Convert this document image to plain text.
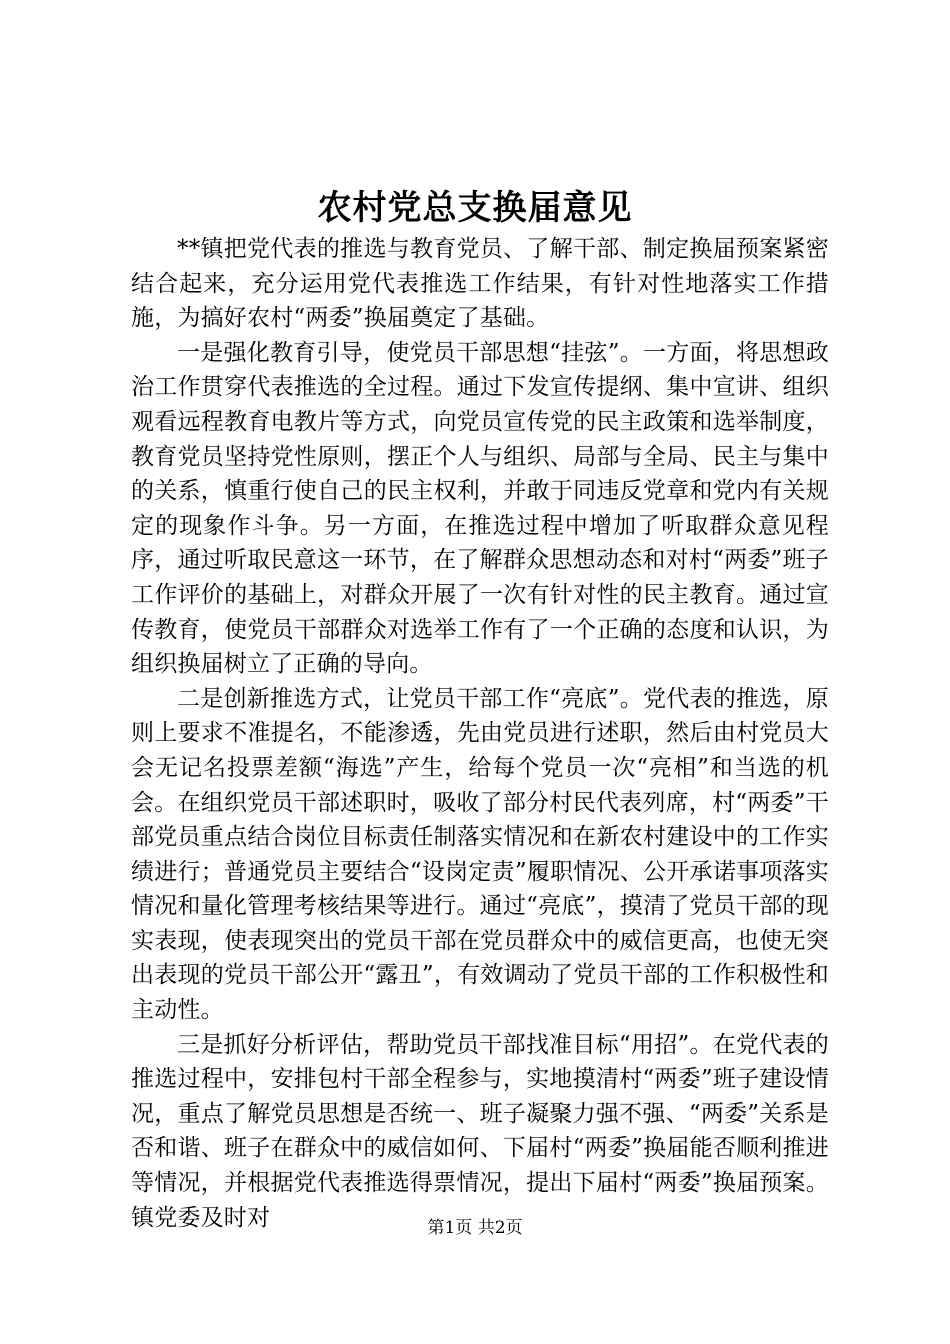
农村党总支换届意见

**镇把党代表的推选与教育党员、了解干部、制定换届预案紧密结合起来，充分运用党代表推选工作结果，有针对性地落实工作措施，为搞好农村“两委”换届奠定了基础。

一是强化教育引导，使党员干部思想“挂弦”。一方面，将思想政治工作贯穿代表推选的全过程。通过下发宣传提纲、集中宣讲、组织观看远程教育电教片等方式，向党员宣传党的民主政策和选举制度，教育党员坚持党性原则，摆正个人与组织、局部与全局、民主与集中的关系，慎重行使自己的民主权利，并敢于同违反党章和党内有关规定的现象作斗争。另一方面，在推选过程中增加了听取群众意见程序，通过听取民意这一环节，在了解群众思想动态和对村“两委”班子工作评价的基础上，对群众开展了一次有针对性的民主教育。通过宣传教育，使党员干部群众对选举工作有了一个正确的态度和认识，为组织换届树立了正确的导向。

二是创新推选方式，让党员干部工作“亮底”。党代表的推选，原则上要求不准提名，不能渗透，先由党员进行述职，然后由村党员大会无记名投票差额“海选”产生，给每个党员一次“亮相”和当选的机会。在组织党员干部述职时，吸收了部分村民代表列席，村“两委”干部党员重点结合岗位目标责任制落实情况和在新农村建设中的工作实绩进行；普通党员主要结合“设岗定责”履职情况、公开承诺事项落实情况和量化管理考核结果等进行。通过“亮底”，摸清了党员干部的现实表现，使表现突出的党员干部在党员群众中的威信更高，也使无突出表现的党员干部公开“露丑”，有效调动了党员干部的工作积极性和主动性。

三是抓好分析评估，帮助党员干部找准目标“用招”。在党代表的推选过程中，安排包村干部全程参与，实地摸清村“两委”班子建设情况，重点了解党员思想是否统一、班子凝聚力强不强、“两委”关系是否和谐、班子在群众中的威信如何、下届村“两委”换届能否顺利推进等情况，并根据党代表推选得票情况，提出下届村“两委”换届预案。镇党委及时对	第1页 共2页
